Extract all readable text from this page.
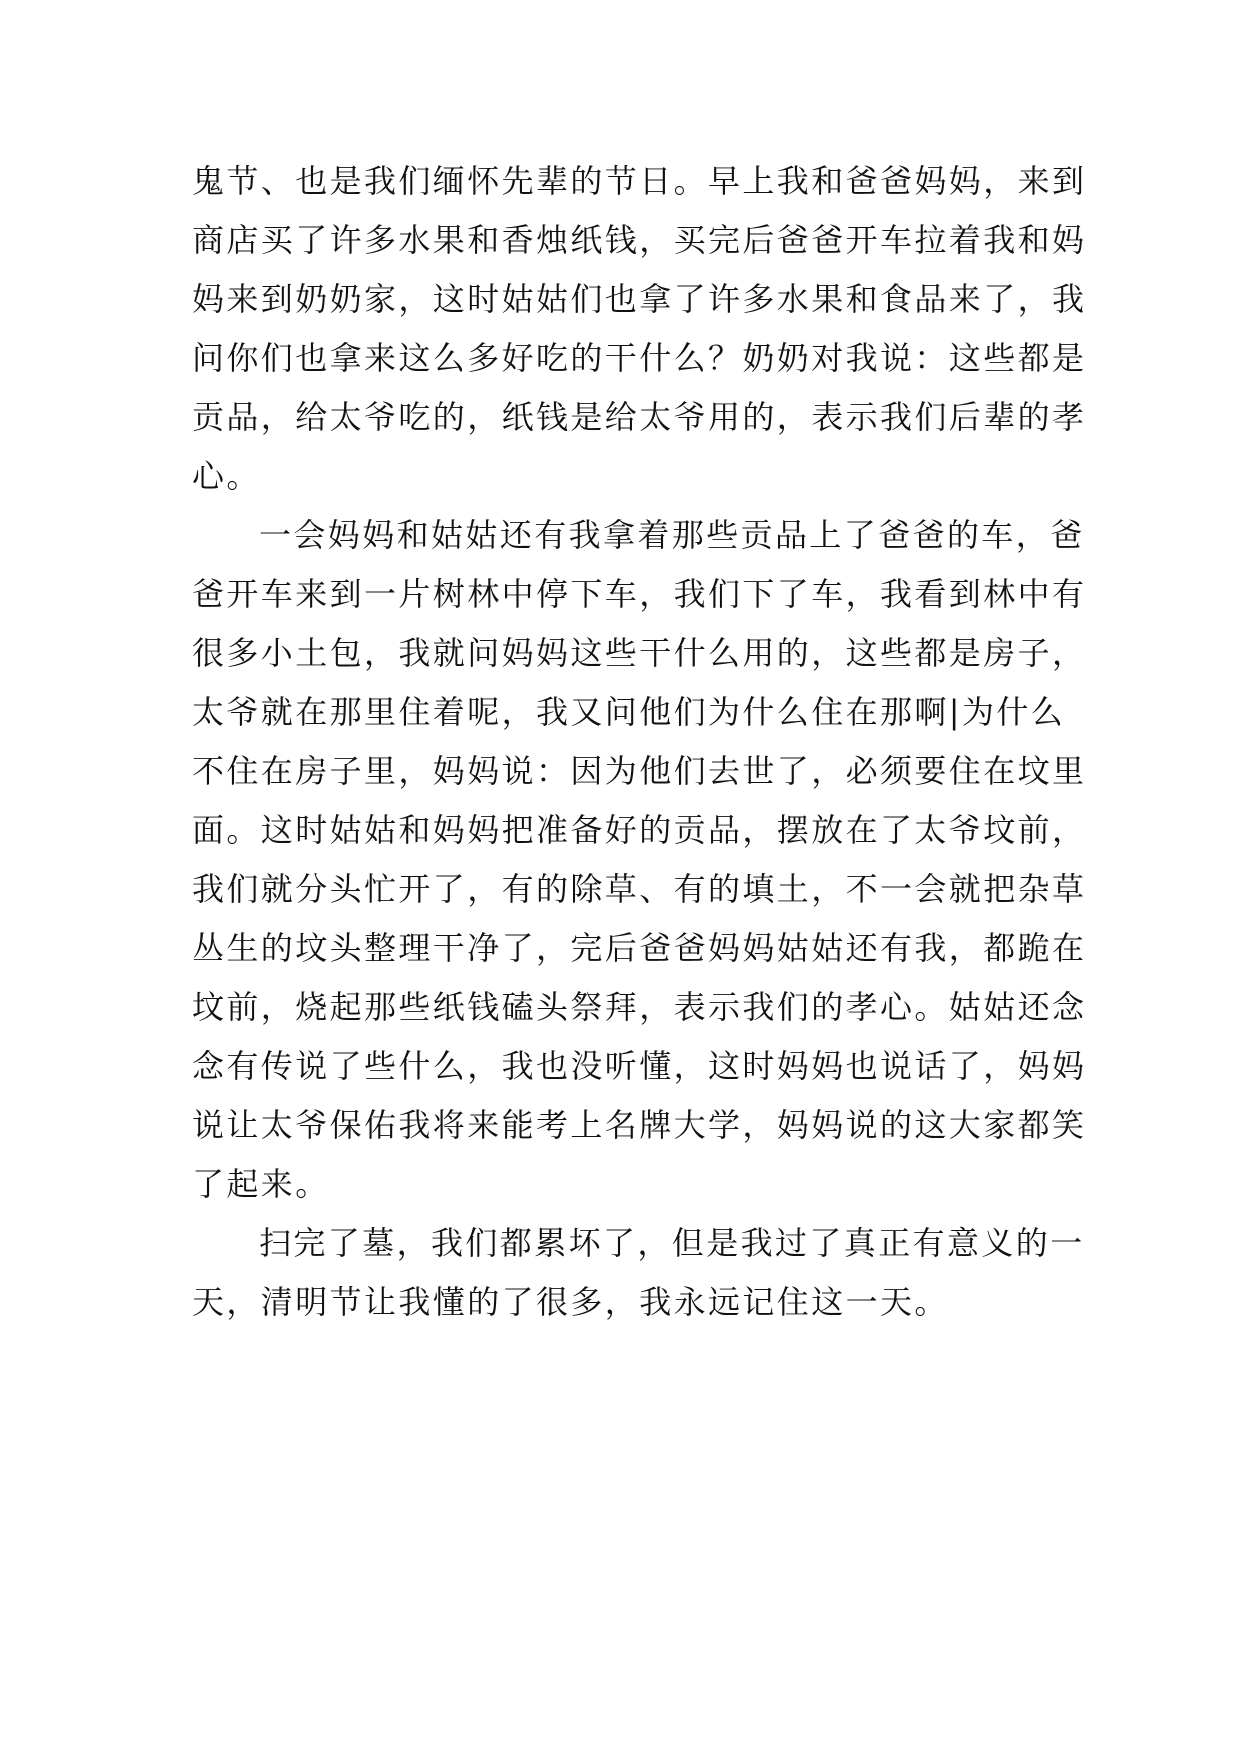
鬼节、也是我们缅怀先辈的节日。早上我和爸爸妈妈，来到
商店买了许多水果和香烛纸钱，买完后爸爸开车拉着我和妈
妈来到奶奶家，这时姑姑们也拿了许多水果和食品来了，我
问你们也拿来这么多好吃的干什么？奶奶对我说：这些都是
贡品，给太爷吃的，纸钱是给太爷用的，表示我们后辈的孝
心。
一会妈妈和姑姑还有我拿着那些贡品上了爸爸的车，爸
爸开车来到一片树林中停下车，我们下了车，我看到林中有
很多小土包，我就问妈妈这些干什么用的，这些都是房子，
太爷就在那里住着呢，我又问他们为什么住在那啊|为什么
不住在房子里，妈妈说：因为他们去世了，必须要住在坟里
面。这时姑姑和妈妈把准备好的贡品，摆放在了太爷坟前，
我们就分头忙开了，有的除草、有的填土，不一会就把杂草
丛生的坟头整理干净了，完后爸爸妈妈姑姑还有我，都跪在
坟前，烧起那些纸钱磕头祭拜，表示我们的孝心。姑姑还念
念有传说了些什么，我也没听懂，这时妈妈也说话了，妈妈
说让太爷保佑我将来能考上名牌大学，妈妈说的这大家都笑
了起来。
扫完了墓，我们都累坏了，但是我过了真正有意义的一
天，清明节让我懂的了很多，我永远记住这一天。
